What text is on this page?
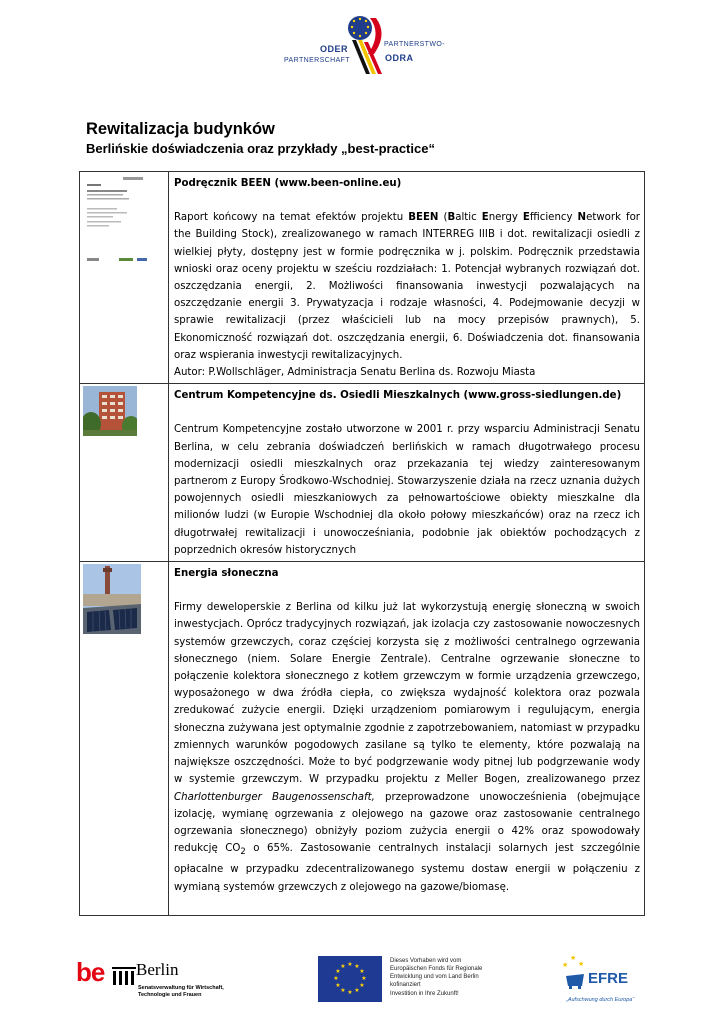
ODER
PARTNERSCHAFT
PARTNERSTWO-
ODRA
Rewitalizacja budynków
Berlińskie doświadczenia oraz przykłady „best-practice“

Podręcznik BEEN (www.been-online.eu)
Raport końcowy na temat efektów projektu BEEN (Baltic Energy Efficiency Network for the Building Stock), zrealizowanego w ramach INTERREG IIIB i dot. rewitalizacji osiedli z wielkiej płyty, dostępny jest w formie podręcznika w j. polskim. Podręcznik przedstawia wnioski oraz oceny projektu w sześciu rozdziałach: 1. Potencjał wybranych rozwiązań dot. oszczędzania energii, 2. Możliwości finansowania inwestycji pozwalających na oszczędzanie energii 3. Prywatyzacja i rodzaje własności, 4. Podejmowanie decyzji w sprawie rewitalizacji (przez właścicieli lub na mocy przepisów prawnych), 5. Ekonomiczność rozwiązań dot. oszczędzania energii, 6. Doświadczenia dot. finansowania oraz wspierania inwestycji rewitalizacyjnych.
Autor: P.Wollschläger, Administracja Senatu Berlina ds. Rozwoju Miasta

Centrum Kompetencyjne ds. Osiedli Mieszkalnych (www.gross-siedlungen.de)
Centrum Kompetencyjne zostało utworzone w 2001 r. przy wsparciu Administracji Senatu Berlina, w celu zebrania doświadczeń berlińskich w ramach długotrwałego procesu modernizacji osiedli mieszkalnych oraz przekazania tej wiedzy zainteresowanym partnerom z Europy Środkowo-Wschodniej. Stowarzyszenie działa na rzecz uznania dużych powojennych osiedli mieszkaniowych za pełnowartościowe obiekty mieszkalne dla milionów ludzi (w Europie Wschodniej dla około połowy mieszkańców) oraz na rzecz ich długotrwałej rewitalizacji i unowocześniania, podobnie jak obiektów pochodzących z poprzednich okresów historycznych

Energia słoneczna
Firmy deweloperskie z Berlina od kilku już lat wykorzystują energię słoneczną w swoich inwestycjach. Oprócz tradycyjnych rozwiązań, jak izolacja czy zastosowanie nowoczesnych systemów grzewczych, coraz częściej korzysta się z możliwości centralnego ogrzewania słonecznego (niem. Solare Energie Zentrale). Centralne ogrzewanie słoneczne to połączenie kolektora słonecznego z kotłem grzewczym w formie urządzenia grzewczego, wyposażonego w dwa źródła ciepła, co zwiększa wydajność kolektora oraz pozwala zredukować zużycie energii. Dzięki urządzeniom pomiarowym i regulującym, energia słoneczna zużywana jest optymalnie zgodnie z zapotrzebowaniem, natomiast w przypadku zmiennych warunków pogodowych zasilane są tylko te elementy, które pozwalają na największe oszczędności. Może to być podgrzewanie wody pitnej lub podgrzewanie wody w systemie grzewczym. W przypadku projektu z Meller Bogen, zrealizowanego przez Charlottenburger Baugenossenschaft, przeprowadzone unowocześnienia (obejmujące izolację, wymianę ogrzewania z olejowego na gazowe oraz zastosowanie centralnego ogrzewania słonecznego) obniżyły poziom zużycia energii o 42% oraz spowodowały redukcję $CO_2$ o 65%. Zastosowanie centralnych instalacji solarnych jest szczególnie opłacalne w przypadku zdecentralizowanego systemu dostaw energii w połączeniu z wymianą systemów grzewczych z olejowego na gazowe/biomasę.
be Berlin
Senatsverwaltung für Wirtschaft, Technologie und Frauen
★ ★
★
★
★
★
★
★
★
★
★
★
Dieses Vorhaben wird vom Europäischen Fonds für Regionale Entwicklung und vom Land Berlin kofinanziert
Investition in Ihre Zukunft!
★
★ ★
EFRE
„Aufschwung durch Europa“
